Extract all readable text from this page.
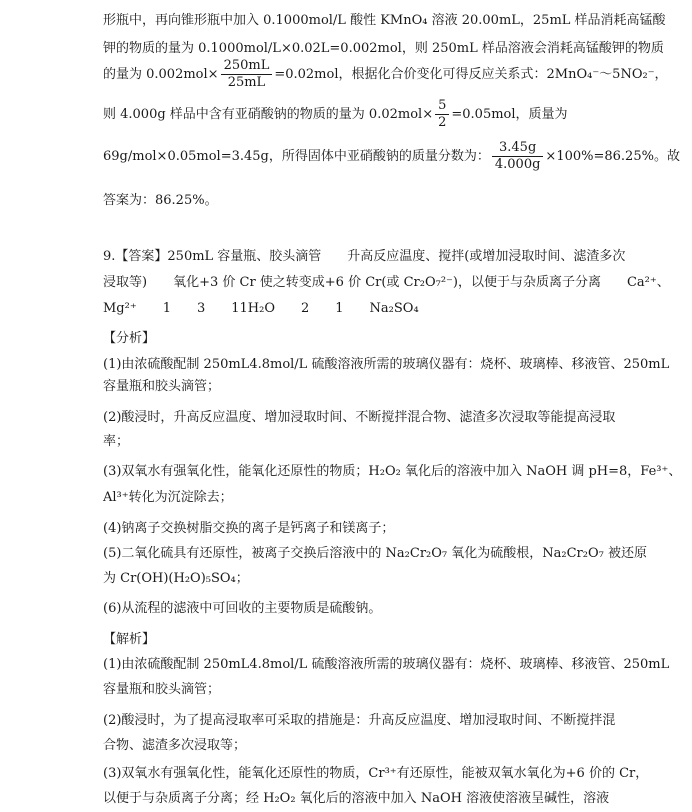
形瓶中，再向锥形瓶中加入 0.1000mol/L 酸性 KMnO₄ 溶液 20.00mL，25mL 样品消耗高锰酸
钾的物质的量为 0.1000mol/L×0.02L=0.002mol，则 250mL 样品溶液会消耗高锰酸钾的物质
的量为 $0.002mol\times \frac{250mL}{25mL} =0.02mol$，根据化合价变化可得反应关系式：2MnO₄⁻～5NO₂⁻，
则 4.000g 样品中含有亚硝酸钠的物质的量为 $0.02mol\times \frac{5}{2} =0.05mol$，质量为
69g/mol×0.05mol=3.45g，所得固体中亚硝酸钠的质量分数为： $\frac{3.45g}{4.000g} \times 100\%=86.25\%$。故
答案为：86.25%。
9.【答案】250mL 容量瓶、胶头滴管　　升高反应温度、搅拌(或增加浸取时间、滤渣多次
浸取等)　　氧化+3 价 Cr 使之转变成+6 价 Cr(或 Cr₂O₇²⁻)，以便于与杂质离子分离　　Ca²⁺、
Mg²⁺　　1　　3　　11H₂O　　2　　1　　Na₂SO₄
【分析】
(1)由浓硫酸配制 250mL4.8mol/L 硫酸溶液所需的玻璃仪器有：烧杯、玻璃棒、移液管、250mL
容量瓶和胶头滴管；
(2)酸浸时，升高反应温度、增加浸取时间、不断搅拌混合物、滤渣多次浸取等能提高浸取
率；
(3)双氧水有强氧化性，能氧化还原性的物质；H₂O₂ 氧化后的溶液中加入 NaOH 调 pH=8，Fe³⁺、
Al³⁺转化为沉淀除去；
(4)钠离子交换树脂交换的离子是钙离子和镁离子；
(5)二氧化硫具有还原性，被离子交换后溶液中的 Na₂Cr₂O₇ 氧化为硫酸根，Na₂Cr₂O₇ 被还原
为 Cr(OH)(H₂O)₅SO₄；
(6)从流程的滤液中可回收的主要物质是硫酸钠。
【解析】
(1)由浓硫酸配制 250mL4.8mol/L 硫酸溶液所需的玻璃仪器有：烧杯、玻璃棒、移液管、250mL
容量瓶和胶头滴管；
(2)酸浸时，为了提高浸取率可采取的措施是：升高反应温度、增加浸取时间、不断搅拌混
合物、滤渣多次浸取等；
(3)双氧水有强氧化性，能氧化还原性的物质，Cr³⁺有还原性，能被双氧水氧化为+6 价的 Cr，
以便于与杂质离子分离；经 H₂O₂ 氧化后的溶液中加入 NaOH 溶液使溶液呈碱性，溶液
